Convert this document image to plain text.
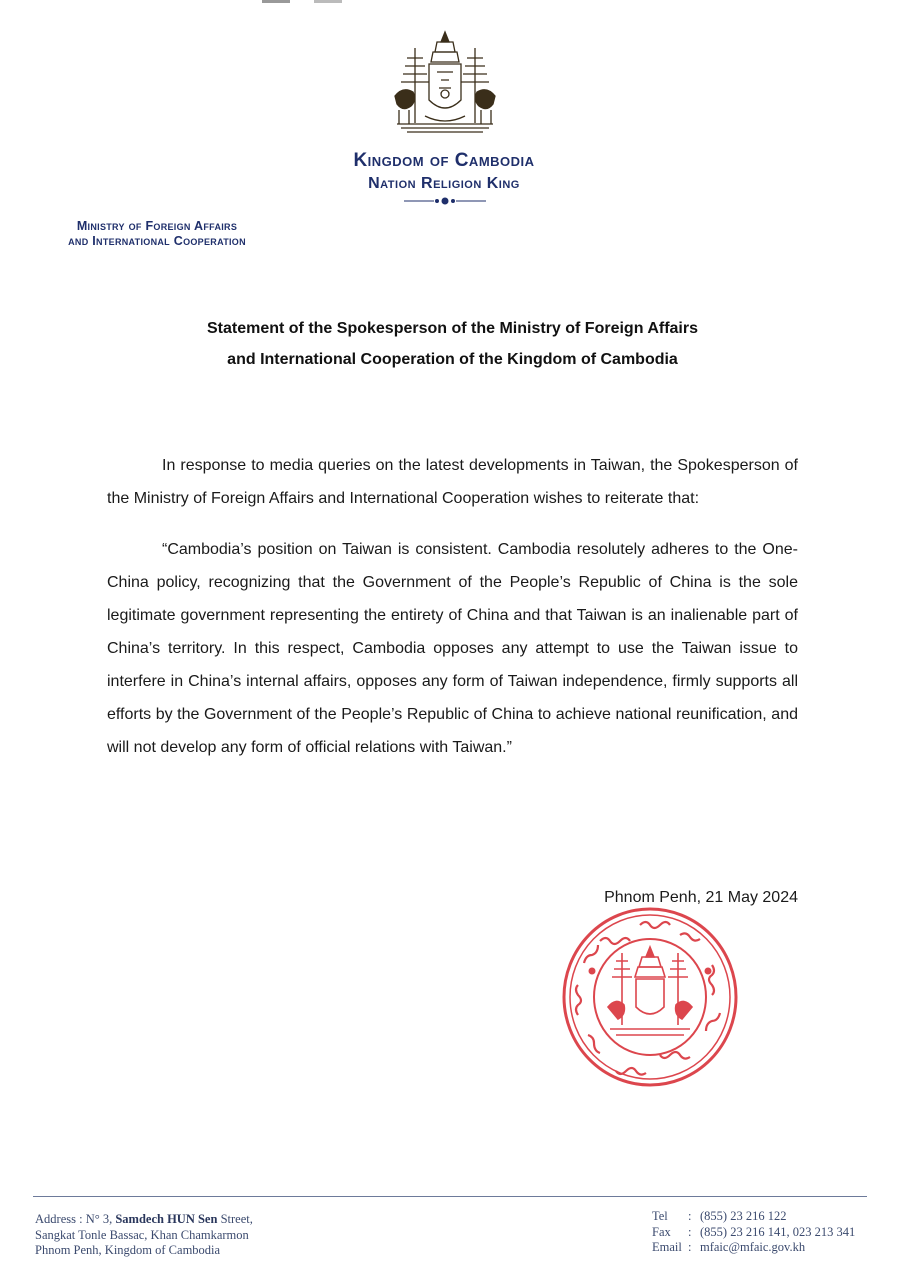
Kingdom of Cambodia
Nation Religion King
Ministry of Foreign Affairs
and International Cooperation
Statement of the Spokesperson of the Ministry of Foreign Affairs
and International Cooperation of the Kingdom of Cambodia

In response to media queries on the latest developments in Taiwan, the Spokesperson of the Ministry of Foreign Affairs and International Cooperation wishes to reiterate that:

“Cambodia’s position on Taiwan is consistent. Cambodia resolutely adheres to the One-China policy, recognizing that the Government of the People’s Republic of China is the sole legitimate government representing the entirety of China and that Taiwan is an inalienable part of China’s territory. In this respect, Cambodia opposes any attempt to use the Taiwan issue to interfere in China’s internal affairs, opposes any form of Taiwan independence, firmly supports all efforts by the Government of the People’s Republic of China to achieve national reunification, and will not develop any form of official relations with Taiwan.”

Phnom Penh, 21 May 2024
Address : N° 3, Samdech HUN Sen Street,
Sangkat Tonle Bassac, Khan Chamkarmon
Phnom Penh, Kingdom of Cambodia
Tel	: (855) 23 216 122
Fax	: (855) 23 216 141, 023 213 341
Email : mfaic@mfaic.gov.kh
